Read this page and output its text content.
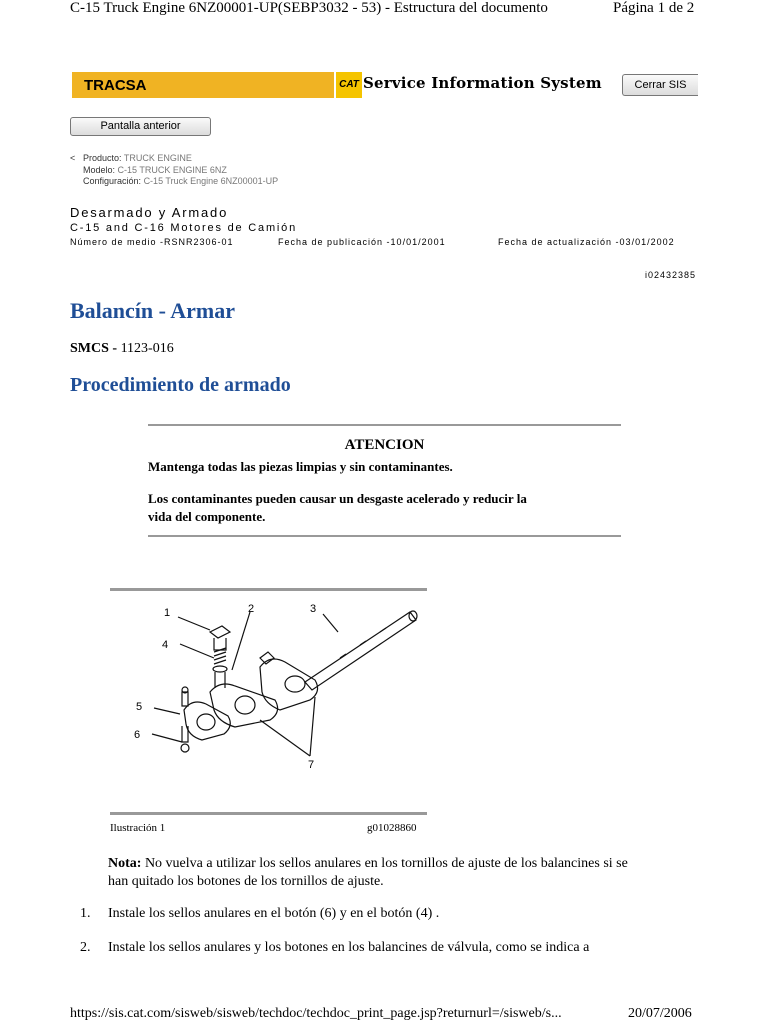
C-15 Truck Engine 6NZ00001-UP(SEBP3032 - 53) - Estructura del documento	Página 1 de 2
TRACSA	CAT Service Information System	Cerrar SIS
Pantalla anterior
< Producto: TRUCK ENGINE
Modelo: C-15 TRUCK ENGINE 6NZ
Configuración: C-15 Truck Engine 6NZ00001-UP
Desarmado y Armado
C-15 and C-16 Motores de Camión
Número de medio -RSNR2306-01	Fecha de publicación -10/01/2001	Fecha de actualización -03/01/2002
i02432385
Balancín - Armar
SMCS - 1123-016
Procedimiento de armado
ATENCION
Mantenga todas las piezas limpias y sin contaminantes.
Los contaminantes pueden causar un desgaste acelerado y reducir la
vida del componente.
1	2	3
4
5
6
7
Ilustración 1	g01028860
Nota: No vuelva a utilizar los sellos anulares en los tornillos de ajuste de los balancines si se
han quitado los botones de los tornillos de ajuste.
1. Instale los sellos anulares en el botón (6) y en el botón (4) .
2. Instale los sellos anulares y los botones en los balancines de válvula, como se indica a
https://sis.cat.com/sisweb/sisweb/techdoc/techdoc_print_page.jsp?returnurl=/sisweb/s...	20/07/2006
